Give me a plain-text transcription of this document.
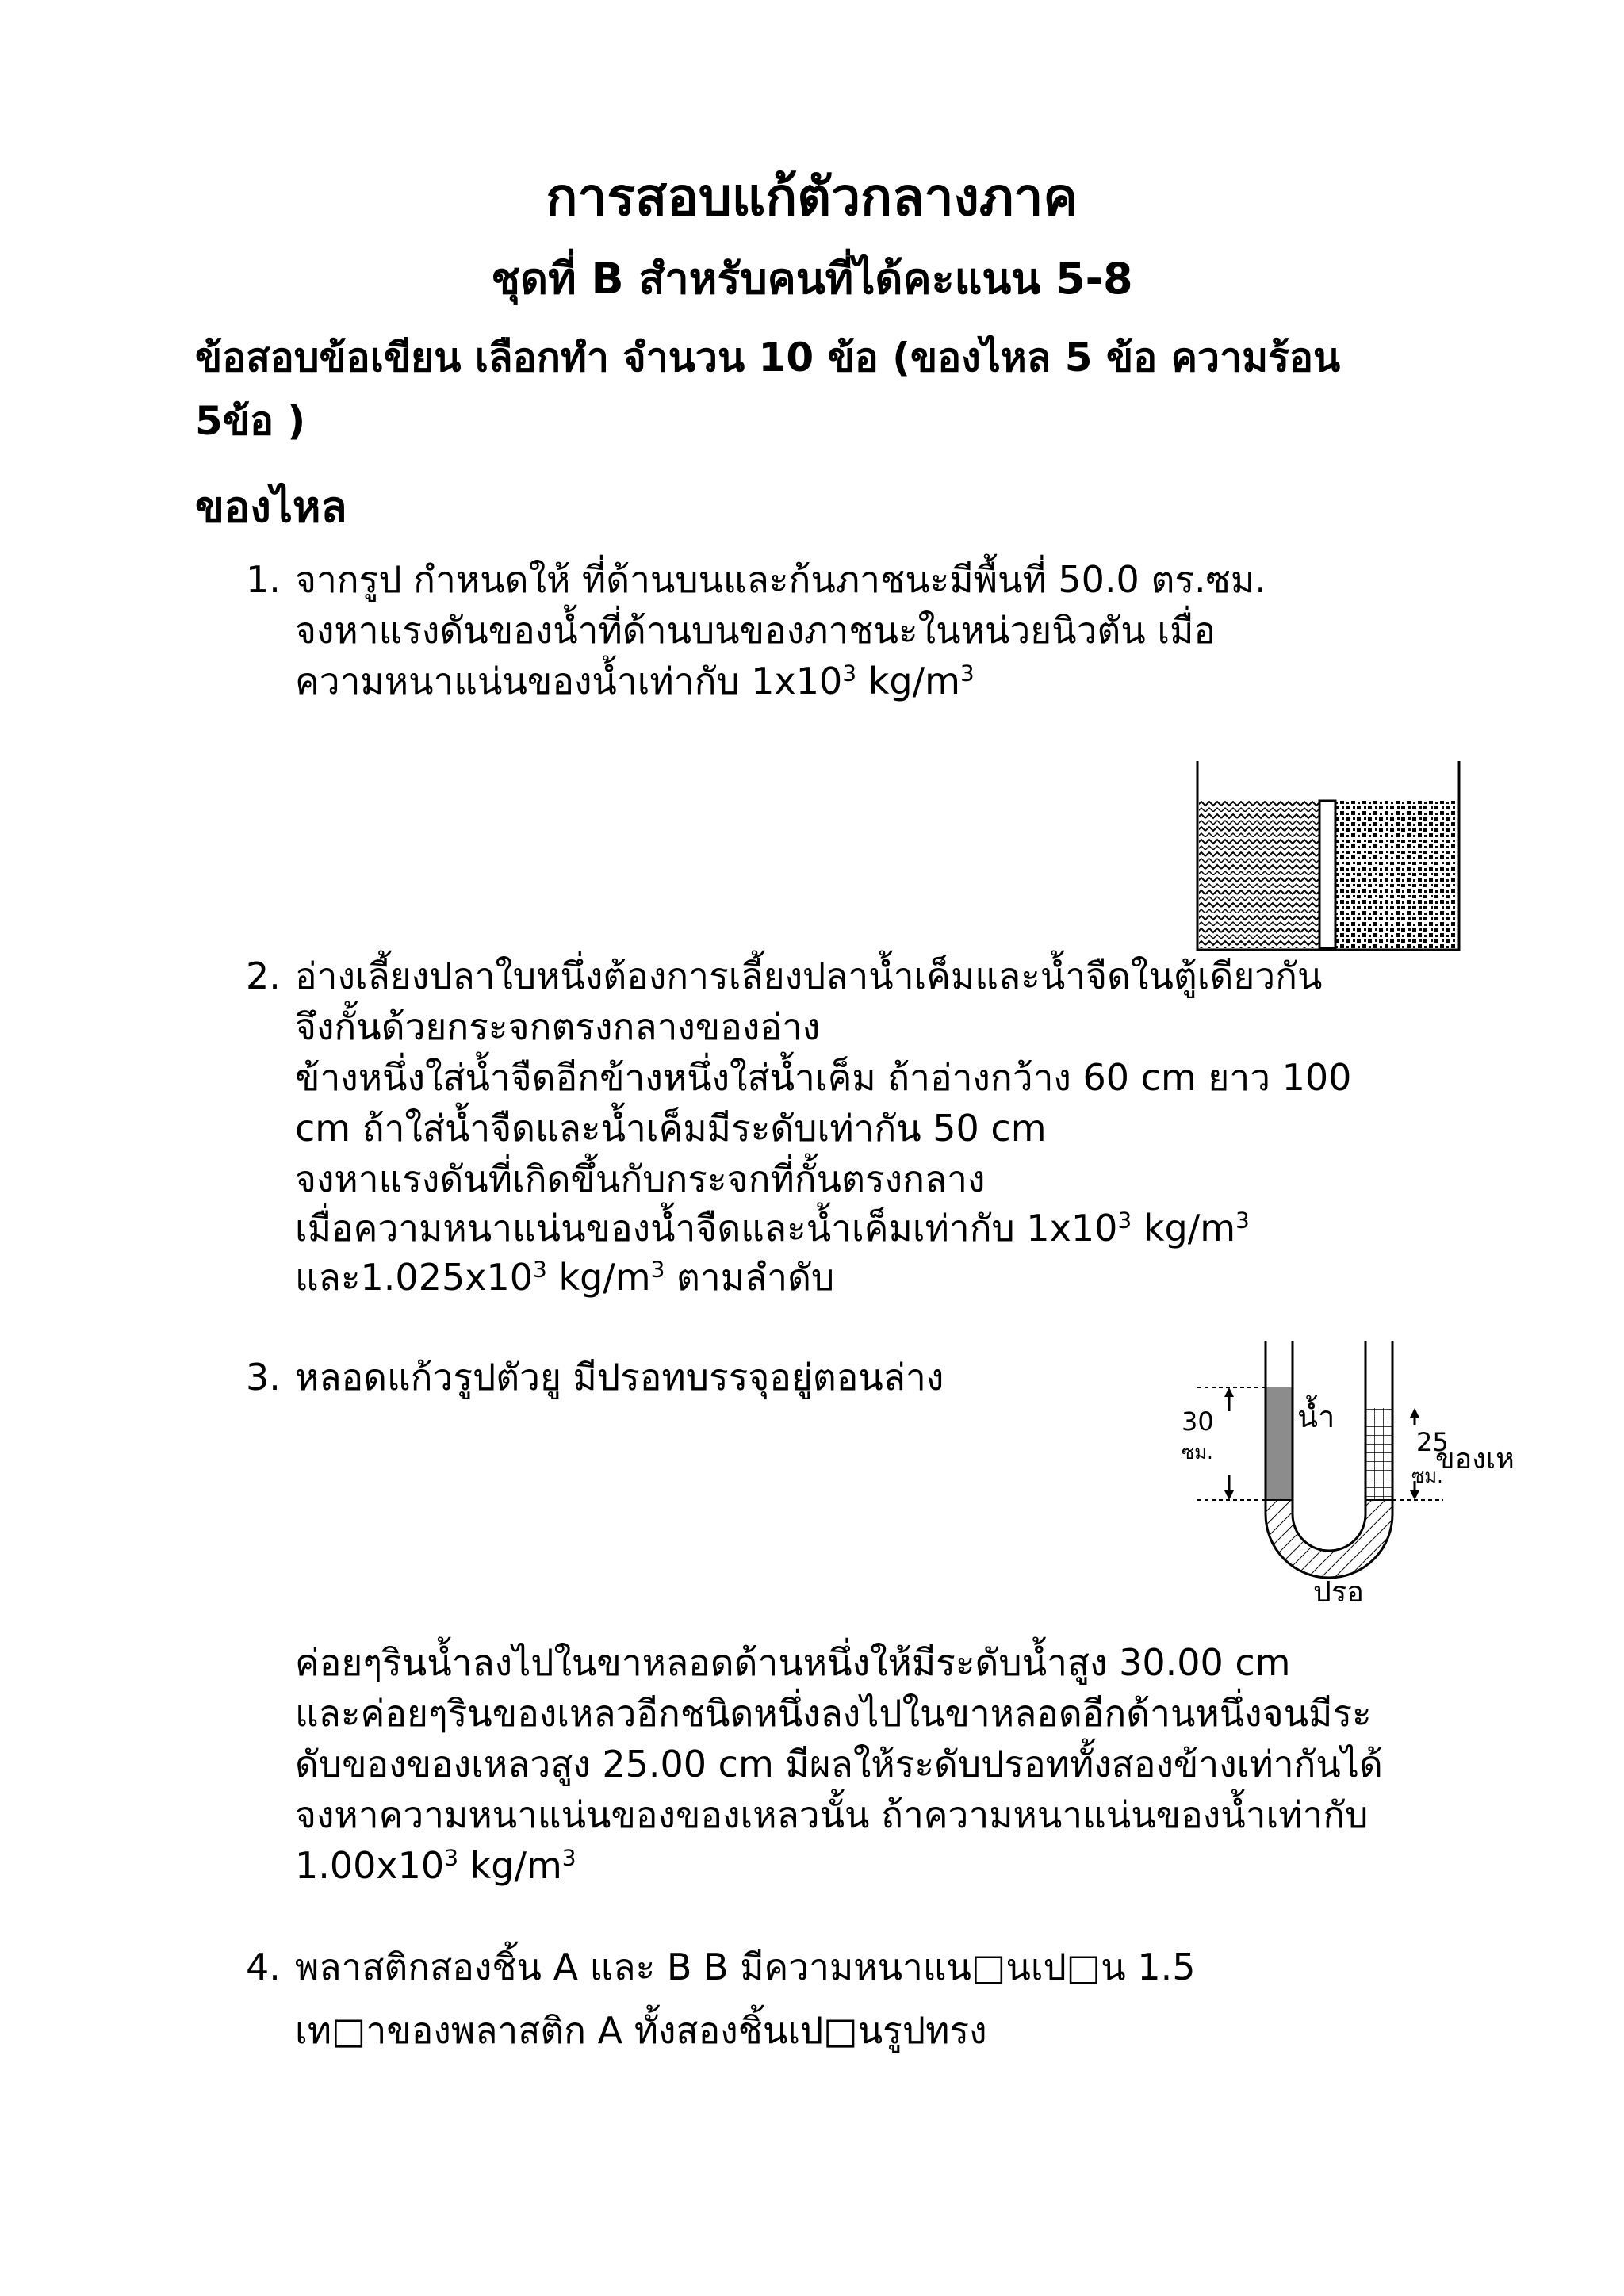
การสอบแก้ตัวกลางภาค
ชุดที่ B สำหรับคนที่ได้คะแนน 5-8
ข้อสอบข้อเขียน เลือกทำ จำนวน 10 ข้อ (ของไหล 5 ข้อ ความร้อน
5ข้อ )
ของไหล
1. จากรูป กำหนดให้ ที่ด้านบนและก้นภาชนะมีพื้นที่ 50.0 ตร.ซม.
จงหาแรงดันของน้ำที่ด้านบนของภาชนะในหน่วยนิวตัน เมื่อ
ความหนาแน่นของน้ำเท่ากับ $1x10^3$ $kg/m^3$
2. อ่างเลี้ยงปลาใบหนึ่งต้องการเลี้ยงปลาน้ำเค็มและน้ำจืดในตู้เดียวกัน
จึงกั้นด้วยกระจกตรงกลางของอ่าง
ข้างหนึ่งใส่น้ำจืดอีกข้างหนึ่งใส่น้ำเค็ม ถ้าอ่างกว้าง 60 cm ยาว 100
cm ถ้าใส่น้ำจืดและน้ำเค็มมีระดับเท่ากัน 50 cm
จงหาแรงดันที่เกิดขึ้นกับกระจกที่กั้นตรงกลาง
เมื่อความหนาแน่นของน้ำจืดและน้ำเค็มเท่ากับ $1x10^3$ $kg/m^3$
และ$1.025x10^3$ $kg/m^3$ ตามลำดับ
3. หลอดแก้วรูปตัวยู มีปรอทบรรจุอยู่ตอนล่าง
30
ซม.
น้ำ
25
ซม.
ของเห
ปรอ
ค่อยๆรินน้ำลงไปในขาหลอดด้านหนึ่งให้มีระดับน้ำสูง 30.00 cm
และค่อยๆรินของเหลวอีกชนิดหนึ่งลงไปในขาหลอดอีกด้านหนึ่งจนมีระ
ดับของของเหลวสูง 25.00 cm มีผลให้ระดับปรอททั้งสองข้างเท่ากันได้
จงหาความหนาแน่นของของเหลวนั้น ถ้าความหนาแน่นของน้ำเท่ากับ
$1.00x10^3$ $kg/m^3$
4. พลาสติกสองชิ้น A และ B B มีความหนาแน□นเป□น 1.5
เท□าของพลาสติก A ทั้งสองชิ้นเป□นรูปทรง
